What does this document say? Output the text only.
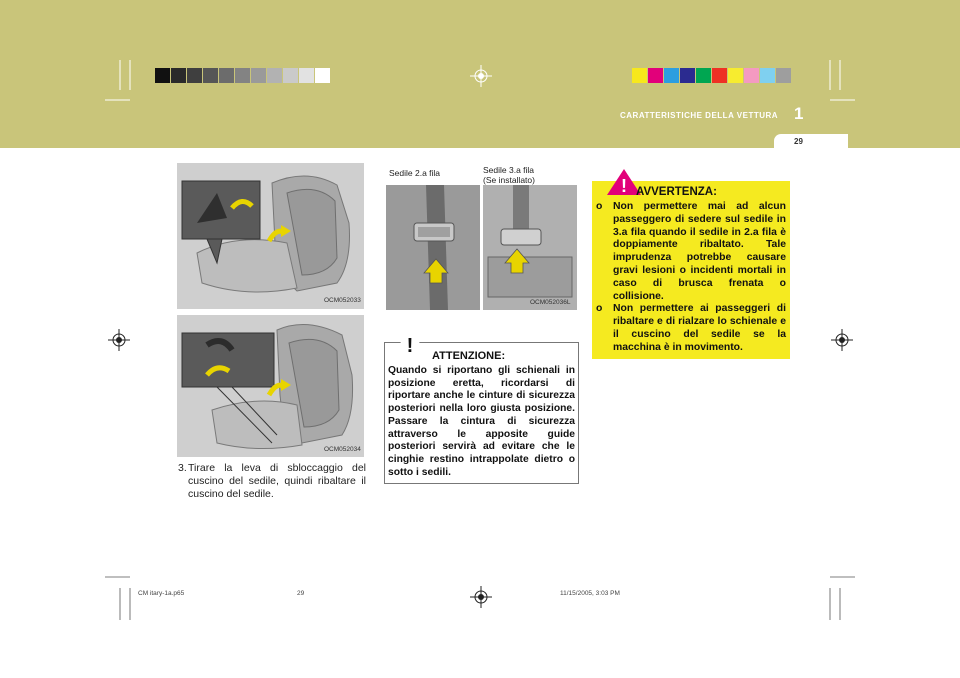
CARATTERISTICHE DELLA VETTURA 1
29
OCM052033
OCM052034
3. Tirare la leva di sbloccaggio del cuscino del sedile, quindi ribaltare il cuscino del sedile.
Sedile 2.a fila	Sedile 3.a fila
(Se installato)
OCM052036L
! ATTENZIONE:
Quando si riportano gli schienali in posizione eretta, ricordarsi di riportare anche le cinture di sicurezza posteriori nella loro giusta posizione. Passare la cintura di sicurezza attraverso le apposite guide posteriori servirà ad evitare che le cinghie restino intrappolate dietro o sotto i sedili.
! AVVERTENZA:
o Non permettere mai ad alcun passeggero di sedere sul sedile in 3.a fila quando il sedile in 2.a fila è doppiamente ribaltato. Tale imprudenza potrebbe causare gravi lesioni o incidenti mortali in caso di brusca frenata o collisione.
o Non permettere ai passeggeri di ribaltare e di rialzare lo schienale e il cuscino del sedile se la macchina è in movimento.
CM itary-1a.p65	29	11/15/2005, 3:03 PM
